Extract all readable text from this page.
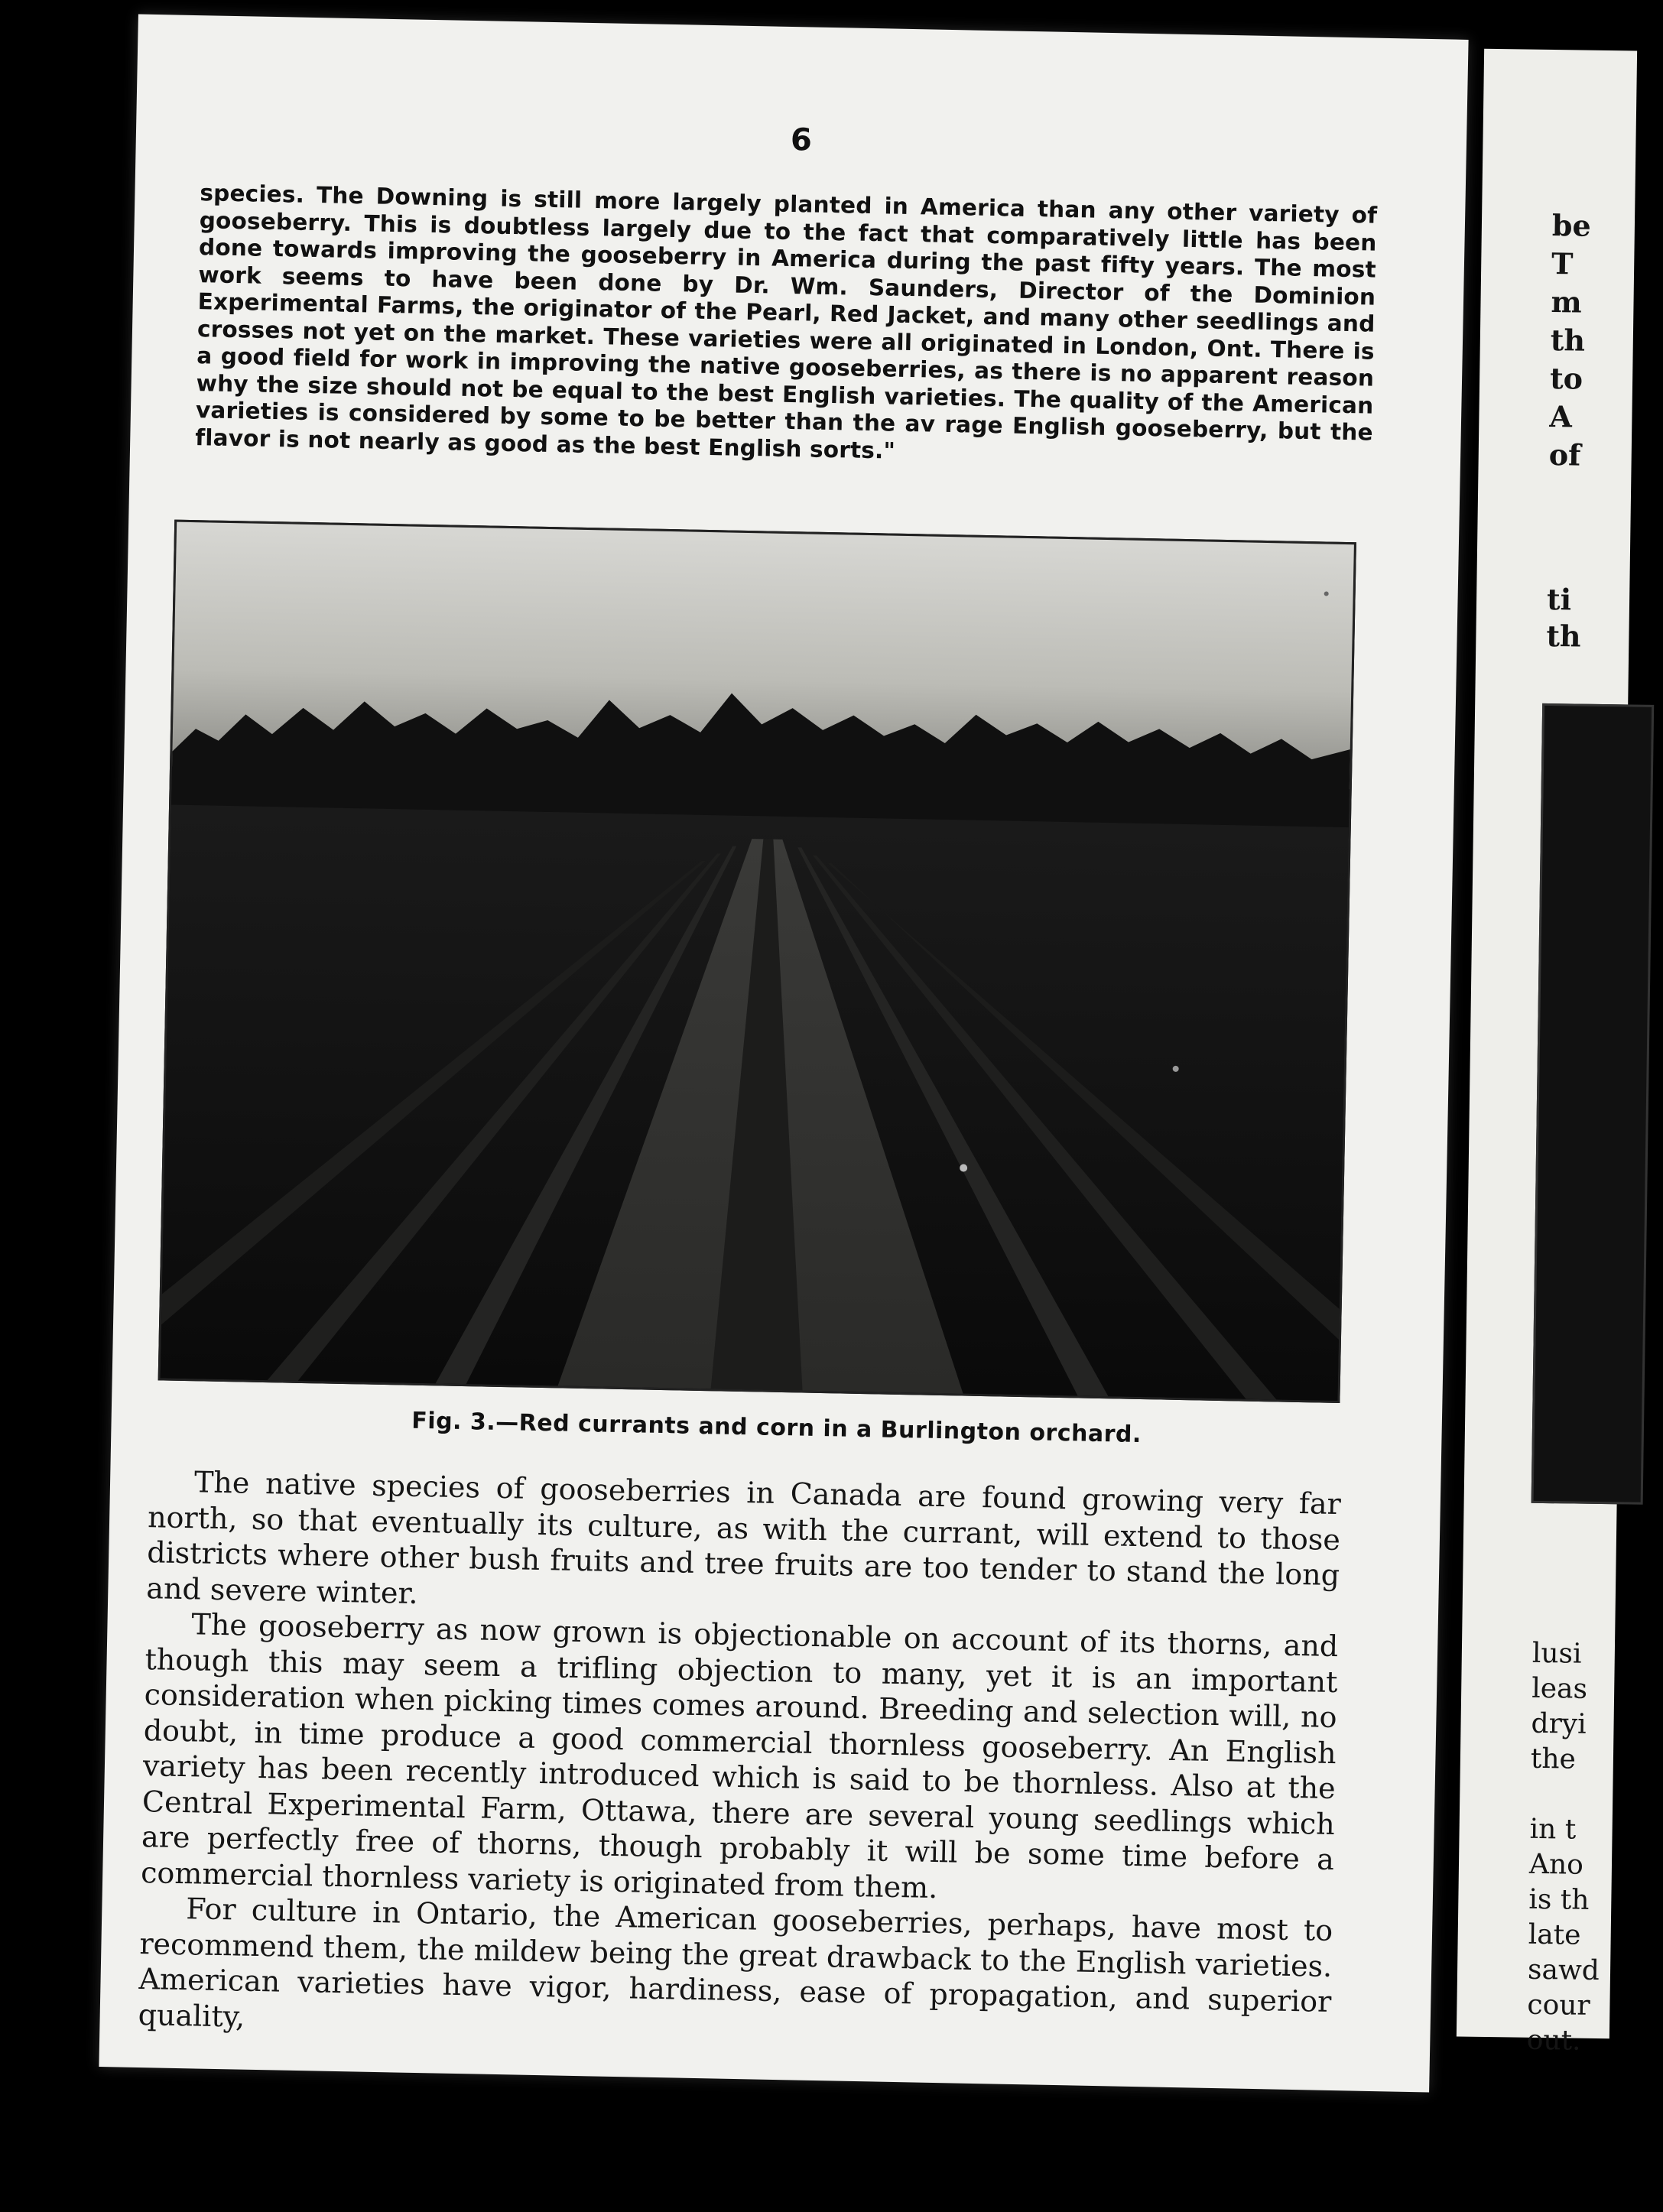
6
species. The Downing is still more largely planted in America than any other variety of gooseberry. This is doubtless largely due to the fact that comparatively little has been done towards improving the gooseberry in America during the past fifty years. The most work seems to have been done by Dr. Wm. Saunders, Director of the Dominion Experimental Farms, the originator of the Pearl, Red Jacket, and many other seedlings and crosses not yet on the market. These varieties were all originated in London, Ont. There is a good field for work in improving the native gooseberries, as there is no apparent reason why the size should not be equal to the best English varieties. The quality of the American varieties is considered by some to be better than the av rage English gooseberry, but the flavor is not nearly as good as the best English sorts."
Fig. 3.—Red currants and corn in a Burlington orchard.

The native species of gooseberries in Canada are found growing very far north, so that eventually its culture, as with the currant, will extend to those districts where other bush fruits and tree fruits are too tender to stand the long and severe winter.

The gooseberry as now grown is objectionable on account of its thorns, and though this may seem a trifling objection to many, yet it is an important consideration when picking times comes around. Breeding and selection will, no doubt, in time produce a good commercial thornless gooseberry. An English variety has been recently introduced which is said to be thornless. Also at the Central Experimental Farm, Ottawa, there are several young seedlings which are perfectly free of thorns, though probably it will be some time before a commercial thornless variety is originated from them.

For culture in Ontario, the American gooseberries, perhaps, have most to recommend them, the mildew being the great drawback to the English varieties. American varieties have vigor, hardiness, ease of propagation, and superior quality,

be
T
m
th
to
A
of
ti
th
lusi
leas
dryi
the
in t
Ano
is th
late
sawd
cour
out.
